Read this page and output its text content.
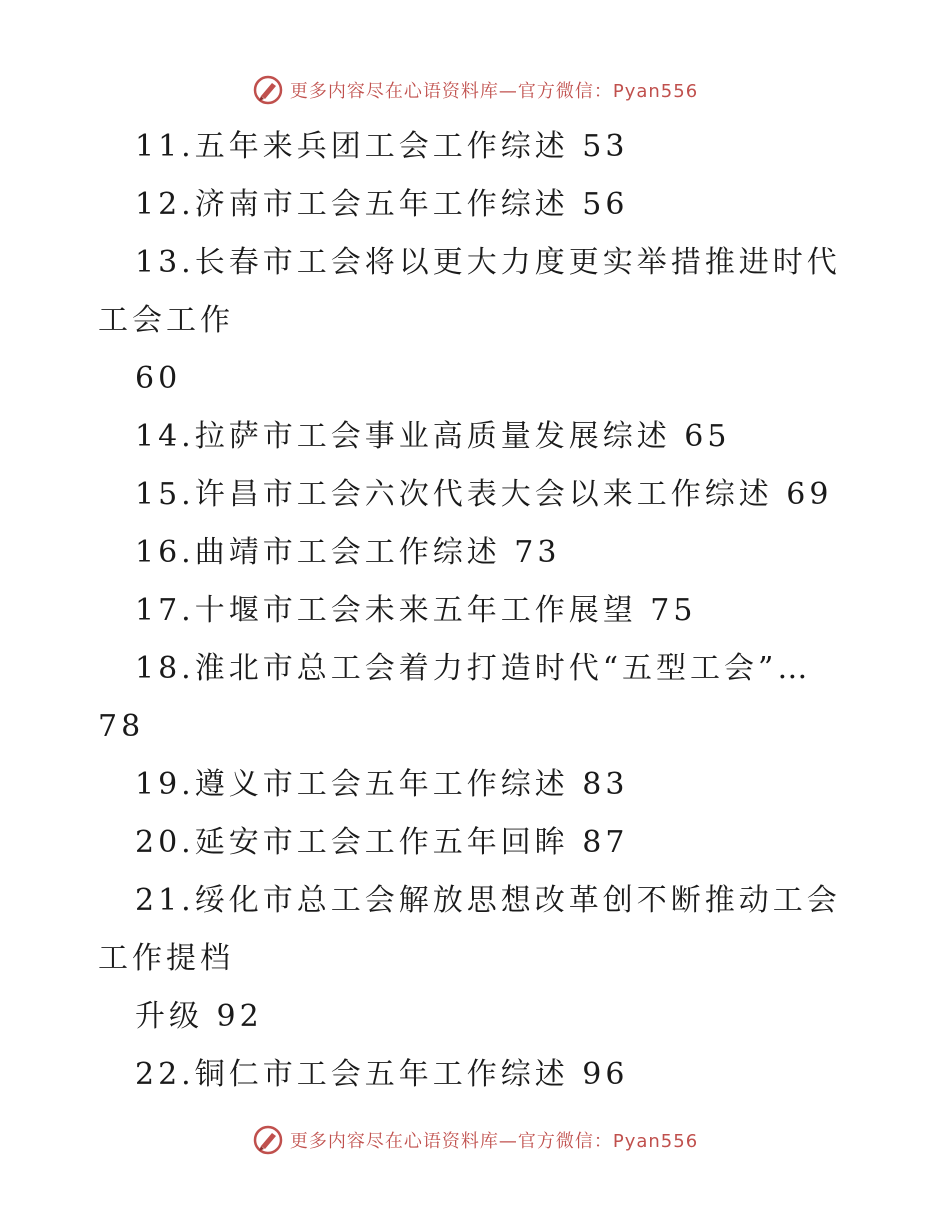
更多内容尽在心语资料库—官方微信：Pyan556
11.五年来兵团工会工作综述 53
12.济南市工会五年工作综述 56
13.长春市工会将以更大力度更实举措推进时代
工会工作
60
14.拉萨市工会事业高质量发展综述 65
15.许昌市工会六次代表大会以来工作综述 69
16.曲靖市工会工作综述 73
17.十堰市工会未来五年工作展望 75
18.淮北市总工会着力打造时代“五型工会”…
78
19.遵义市工会五年工作综述 83
20.延安市工会工作五年回眸 87
21.绥化市总工会解放思想改革创不断推动工会
工作提档
升级 92
22.铜仁市工会五年工作综述 96
更多内容尽在心语资料库—官方微信：Pyan556
